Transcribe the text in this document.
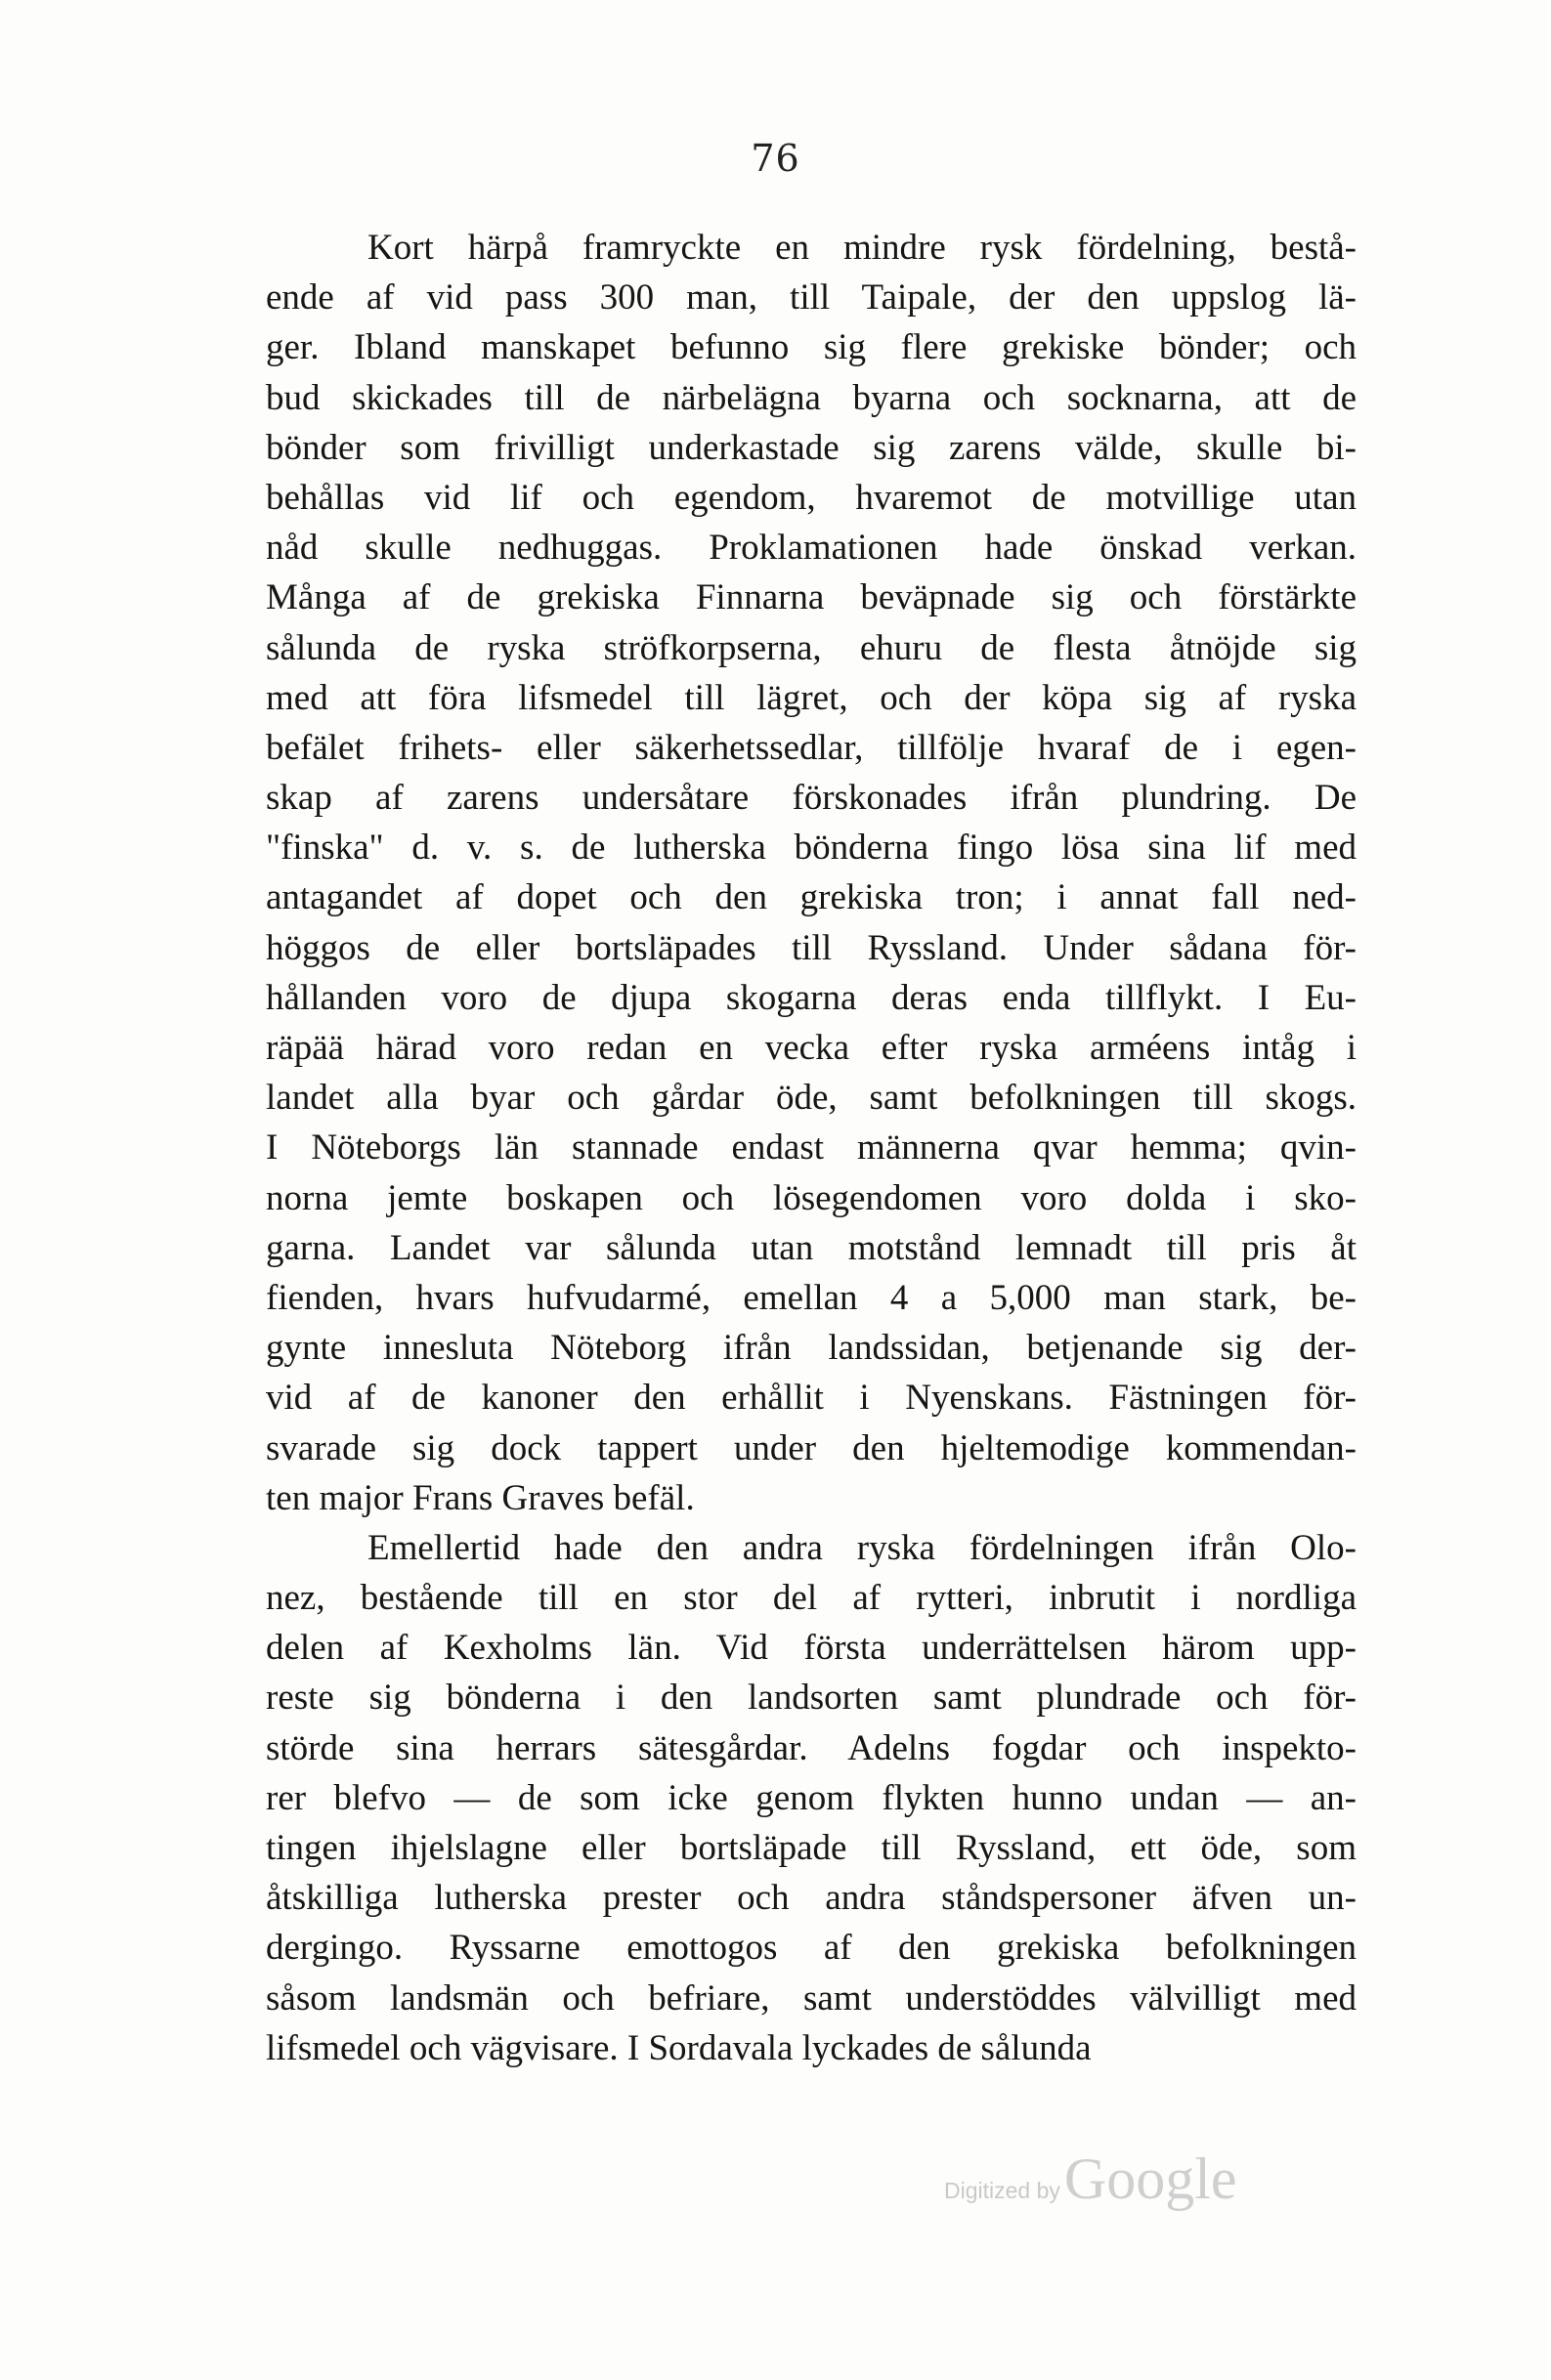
76
Kort härpå framryckte en mindre rysk fördelning, bestå-
ende af vid pass 300 man, till Taipale, der den uppslog lä-
ger. Ibland manskapet befunno sig flere grekiske bönder; och
bud skickades till de närbelägna byarna och socknarna, att de
bönder som frivilligt underkastade sig zarens välde, skulle bi-
behållas vid lif och egendom, hvaremot de motvillige utan
nåd skulle nedhuggas. Proklamationen hade önskad verkan.
Många af de grekiska Finnarna beväpnade sig och förstärkte
sålunda de ryska ströfkorpserna, ehuru de flesta åtnöjde sig
med att föra lifsmedel till lägret, och der köpa sig af ryska
befälet frihets- eller säkerhetssedlar, tillfölje hvaraf de i egen-
skap af zarens undersåtare förskonades ifrån plundring. De
"finska" d. v. s. de lutherska bönderna fingo lösa sina lif med
antagandet af dopet och den grekiska tron; i annat fall ned-
höggos de eller bortsläpades till Ryssland. Under sådana för-
hållanden voro de djupa skogarna deras enda tillflykt. I Eu-
räpää härad voro redan en vecka efter ryska arméens intåg i
landet alla byar och gårdar öde, samt befolkningen till skogs.
I Nöteborgs län stannade endast männerna qvar hemma; qvin-
norna jemte boskapen och lösegendomen voro dolda i sko-
garna. Landet var sålunda utan motstånd lemnadt till pris åt
fienden, hvars hufvudarmé, emellan 4 a 5,000 man stark, be-
gynte innesluta Nöteborg ifrån landssidan, betjenande sig der-
vid af de kanoner den erhållit i Nyenskans. Fästningen för-
svarade sig dock tappert under den hjeltemodige kommendan-
ten major Frans Graves befäl.
Emellertid hade den andra ryska fördelningen ifrån Olo-
nez, bestående till en stor del af rytteri, inbrutit i nordliga
delen af Kexholms län. Vid första underrättelsen härom upp-
reste sig bönderna i den landsorten samt plundrade och för-
störde sina herrars sätesgårdar. Adelns fogdar och inspekto-
rer blefvo — de som icke genom flykten hunno undan — an-
tingen ihjelslagne eller bortsläpade till Ryssland, ett öde, som
åtskilliga lutherska prester och andra ståndspersoner äfven un-
dergingo. Ryssarne emottogos af den grekiska befolkningen
såsom landsmän och befriare, samt understöddes välvilligt med
lifsmedel och vägvisare. I Sordavala lyckades de sålunda
Digitized byGoogle
